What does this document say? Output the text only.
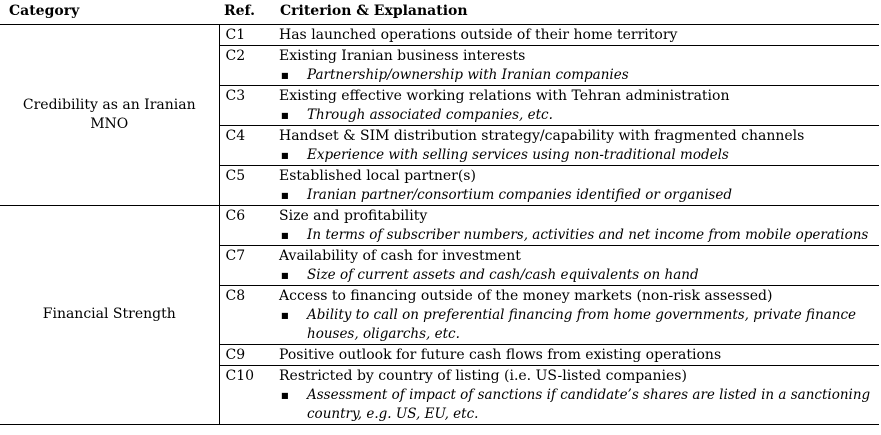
Category	Ref.	Criterion & Explanation
Credibility as an Iranian MNO	C1	Has launched operations outside of their home territory

	C2	Existing Iranian business interests
■ Partnership/ownership with Iranian companies

	C3	Existing effective working relations with Tehran administration
■ Through associated companies, etc.

	C4	Handset & SIM distribution strategy/capability with fragmented channels
■ Experience with selling services using non-traditional models

	C5	Established local partner(s)
■ Iranian partner/consortium companies identified or organised

Financial Strength	C6	Size and profitability
■ In terms of subscriber numbers, activities and net income from mobile operations

	C7	Availability of cash for investment
■ Size of current assets and cash/cash equivalents on hand

	C8	Access to financing outside of the money markets (non-risk assessed)
■ Ability to call on preferential financing from home governments, private finance houses, oligarchs, etc.

	C9	Positive outlook for future cash flows from existing operations

	C10	Restricted by country of listing (i.e. US-listed companies)
■ Assessment of impact of sanctions if candidate’s shares are listed in a sanctioning country, e.g. US, EU, etc.
